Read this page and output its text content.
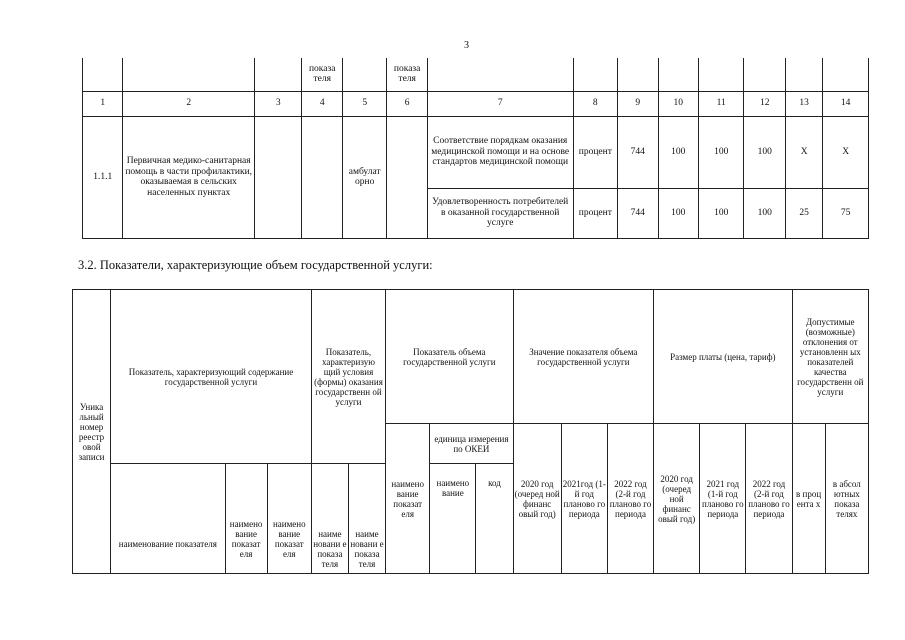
3
			показа теля		показа теля								
1	2	3	4	5	6	7	8	9	10	11	12	13	14
1.1.1	Первичная медико-санитарная помощь в части профилактики, оказываемая в сельских населенных пунктах			амбулат орно		Соответствие порядкам оказания медицинской помощи и на основе стандартов медицинской помощи	процент	744	100	100	100	X	X
						Удовлетворенность потребителей в оказанной государственной услуге	процент	744	100	100	100	25	75
3.2. Показатели, характеризующие объем государственной услуги:
Уника льный номер реестр овой записи	Показатель, характеризующий содержание государственной услуги			Показатель, характеризую щий условия (формы) оказания государственн ой услуги		Показатель объема государственной услуги			Значение показателя объема государственной услуги			Размер платы (цена, тариф)			Допустимые (возможные) отклонения от установленн ых показателей качества государственн ой услуги	
						наимено вание показат еля	единица измерения по ОКЕИ		2020 год (очеред ной финанс овый год)	2021год (1-й год планово го периода	2022 год (2-й год планово го периода	2020 год (очеред ной финанс овый год)	2021 год (1-й год планово го периода	2022 год (2-й год планово го периода	в проц ента х	в абсол ютных показа телях
	наименование показателя	наимено вание показат еля	наимено вание показат еля	наиме новани е показа теля	наиме новани е показа теля		наимено вание	код								
